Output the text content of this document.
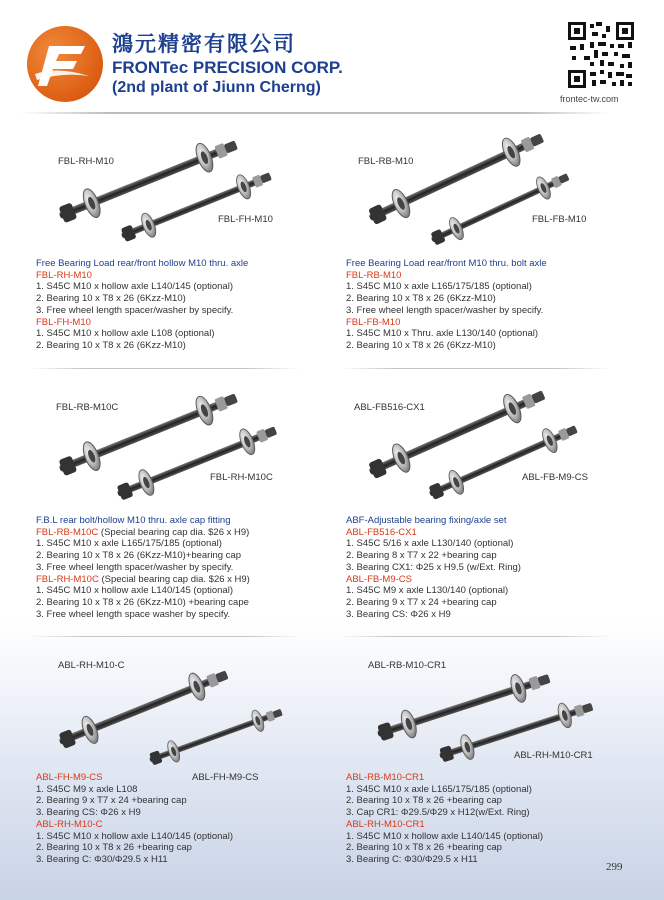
鴻元精密有限公司
FRONTec PRECISION CORP.
(2nd plant of Jiunn Cherng)
frontec-tw.com
FBL-RH-M10
FBL-FH-M10
Free Bearing Load rear/front hollow M10 thru. axle
FBL-RH-M10
1. S45C M10 x hollow axle L140/145 (optional)
2. Bearing 10 x T8 x 26 (6Kzz-M10)
3. Free wheel length spacer/washer by specify.
FBL-FH-M10
1. S45C M10 x hollow axle L108 (optional)
2. Bearing 10 x T8 x 26 (6Kzz-M10)
FBL-RB-M10
FBL-FB-M10
Free Bearing Load rear/front M10 thru. bolt axle
FBL-RB-M10
1. S45C M10 x axle L165/175/185 (optional)
2. Bearing 10 x T8 x 26 (6Kzz-M10)
3. Free wheel length spacer/washer by specify.
FBL-FB-M10
1. S45C M10 x Thru. axle L130/140 (optional)
2. Bearing 10 x T8 x 26 (6Kzz-M10)
FBL-RB-M10C
FBL-RH-M10C
F.B.L rear bolt/hollow M10 thru. axle cap fitting
FBL-RB-M10C (Special bearing cap dia. $26 x H9)
1. S45C M10 x axle L165/175/185 (optional)
2. Bearing 10 x T8 x 26 (6Kzz-M10)+bearing cap
3. Free wheel length spacer/washer by specify.
FBL-RH-M10C (Special bearing cap dia. $26 x H9)
1. S45C M10 x hollow axle L140/145 (optional)
2. Bearing 10 x T8 x 26 (6Kzz-M10) +bearing cape
3. Free wheel length space washer by specify.
ABL-FB516-CX1
ABL-FB-M9-CS
ABF-Adjustable bearing fixing/axle set
ABL-FB516-CX1
1. S45C 5/16 x axle L130/140 (optional)
2. Bearing 8 x T7 x 22 +bearing cap
3. Bearing CX1: Φ25 x H9.5 (w/Ext. Ring)
ABL-FB-M9-CS
1. S45C M9 x axle L130/140 (optional)
2. Bearing 9 x T7 x 24 +bearing cap
3. Bearing CS: Φ26 x H9
ABL-RH-M10-C
ABL-FH-M9-CS
ABL-FH-M9-CS
1. S45C M9 x axle L108
2. Bearing 9 x T7 x 24 +bearing cap
3. Bearing CS: Φ26 x H9
ABL-RH-M10-C
1. S45C M10 x hollow axle L140/145 (optional)
2. Bearing 10 x T8 x 26 +bearing cap
3. Bearing C: Φ30/Φ29.5 x H11
ABL-RB-M10-CR1
ABL-RH-M10-CR1
ABL-RB-M10-CR1
1. S45C M10 x axle L165/175/185 (optional)
2. Bearing 10 x T8 x 26 +bearing cap
3. Cap CR1: Φ29.5/Φ29 x H12(w/Ext. Ring)
ABL-RH-M10-CR1
1. S45C M10 x hollow axle L140/145 (optional)
2. Bearing 10 x T8 x 26 +bearing cap
3. Bearing C: Φ30/Φ29.5 x H11
299
